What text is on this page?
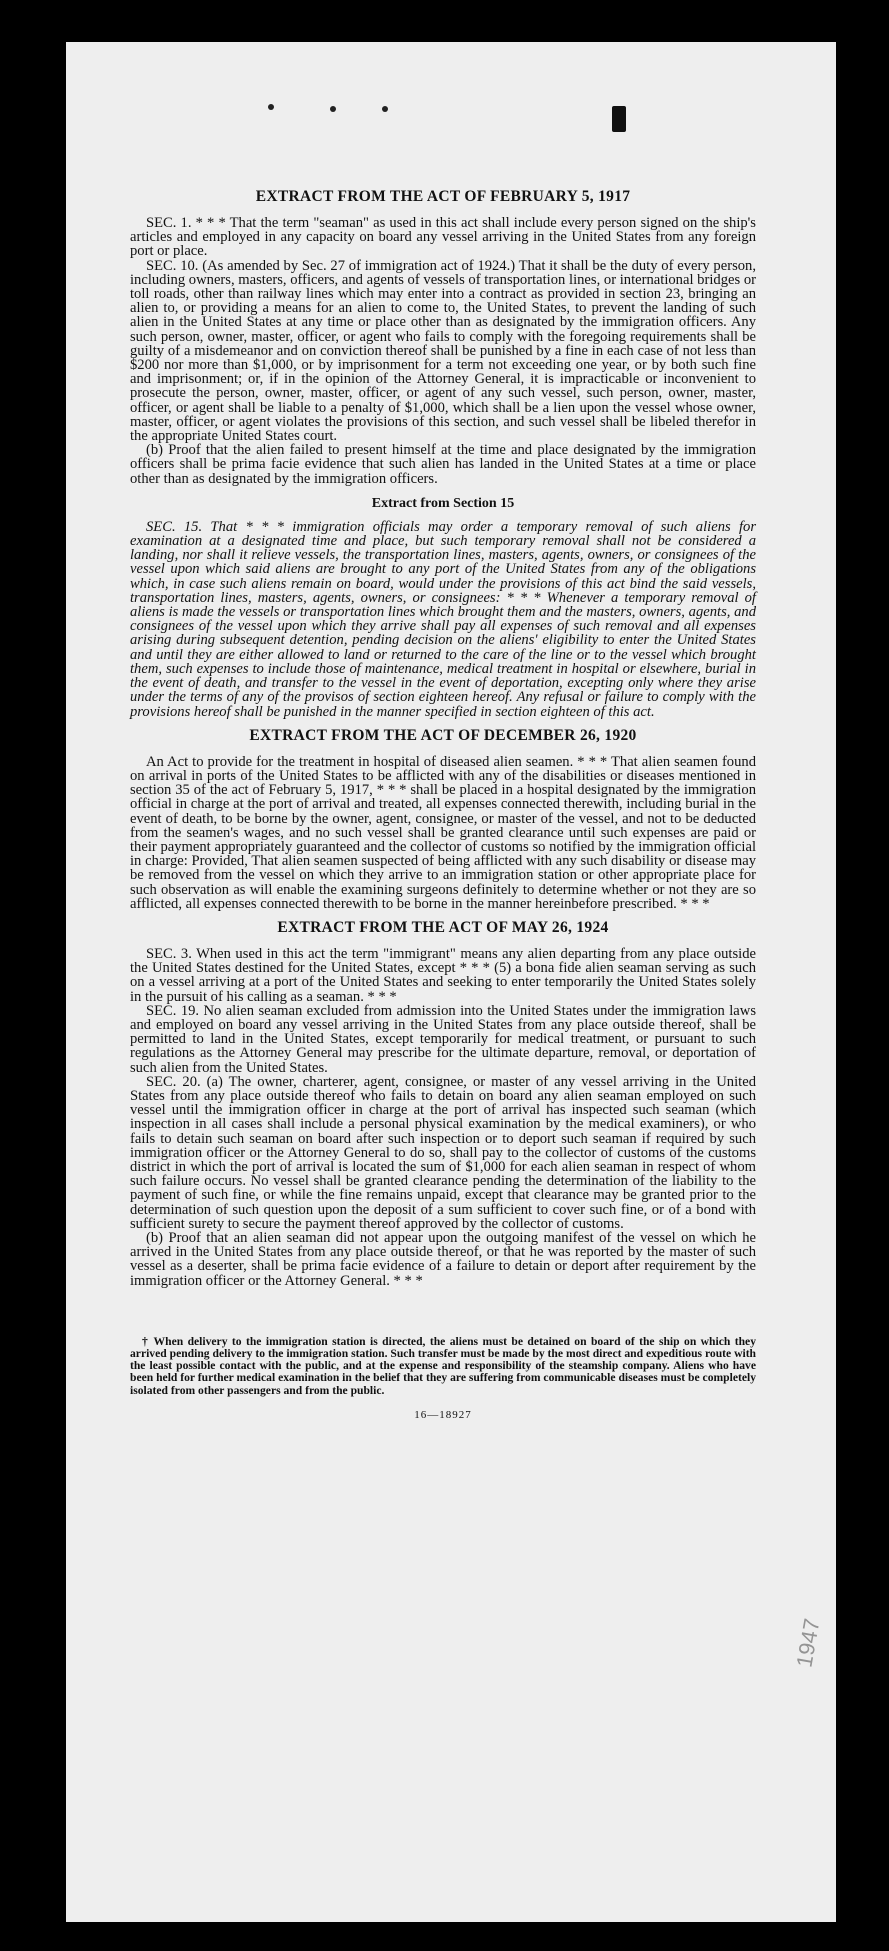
EXTRACT FROM THE ACT OF FEBRUARY 5, 1917

SEC. 1. * * * That the term "seaman" as used in this act shall include every person signed on the ship's articles and employed in any capacity on board any vessel arriving in the United States from any foreign port or place.

SEC. 10. (As amended by Sec. 27 of immigration act of 1924.) That it shall be the duty of every person, including owners, masters, officers, and agents of vessels of transportation lines, or international bridges or toll roads, other than railway lines which may enter into a contract as provided in section 23, bringing an alien to, or providing a means for an alien to come to, the United States, to prevent the landing of such alien in the United States at any time or place other than as designated by the immigration officers. Any such person, owner, master, officer, or agent who fails to comply with the foregoing requirements shall be guilty of a misdemeanor and on conviction thereof shall be punished by a fine in each case of not less than $200 nor more than $1,000, or by imprisonment for a term not exceeding one year, or by both such fine and imprisonment; or, if in the opinion of the Attorney General, it is impracticable or inconvenient to prosecute the person, owner, master, officer, or agent of any such vessel, such person, owner, master, officer, or agent shall be liable to a penalty of $1,000, which shall be a lien upon the vessel whose owner, master, officer, or agent violates the provisions of this section, and such vessel shall be libeled therefor in the appropriate United States court.

(b) Proof that the alien failed to present himself at the time and place designated by the immigration officers shall be prima facie evidence that such alien has landed in the United States at a time or place other than as designated by the immigration officers.

Extract from Section 15

SEC. 15. That * * * immigration officials may order a temporary removal of such aliens for examination at a designated time and place, but such temporary removal shall not be considered a landing, nor shall it relieve vessels, the transportation lines, masters, agents, owners, or consignees of the vessel upon which said aliens are brought to any port of the United States from any of the obligations which, in case such aliens remain on board, would under the provisions of this act bind the said vessels, transportation lines, masters, agents, owners, or consignees: * * * Whenever a temporary removal of aliens is made the vessels or transportation lines which brought them and the masters, owners, agents, and consignees of the vessel upon which they arrive shall pay all expenses of such removal and all expenses arising during subsequent detention, pending decision on the aliens' eligibility to enter the United States and until they are either allowed to land or returned to the care of the line or to the vessel which brought them, such expenses to include those of maintenance, medical treatment in hospital or elsewhere, burial in the event of death, and transfer to the vessel in the event of deportation, excepting only where they arise under the terms of any of the provisos of section eighteen hereof. Any refusal or failure to comply with the provisions hereof shall be punished in the manner specified in section eighteen of this act.

EXTRACT FROM THE ACT OF DECEMBER 26, 1920

An Act to provide for the treatment in hospital of diseased alien seamen. * * * That alien seamen found on arrival in ports of the United States to be afflicted with any of the disabilities or diseases mentioned in section 35 of the act of February 5, 1917, * * * shall be placed in a hospital designated by the immigration official in charge at the port of arrival and treated, all expenses connected therewith, including burial in the event of death, to be borne by the owner, agent, consignee, or master of the vessel, and not to be deducted from the seamen's wages, and no such vessel shall be granted clearance until such expenses are paid or their payment appropriately guaranteed and the collector of customs so notified by the immigration official in charge: Provided, That alien seamen suspected of being afflicted with any such disability or disease may be removed from the vessel on which they arrive to an immigration station or other appropriate place for such observation as will enable the examining surgeons definitely to determine whether or not they are so afflicted, all expenses connected therewith to be borne in the manner hereinbefore prescribed. * * *

EXTRACT FROM THE ACT OF MAY 26, 1924

SEC. 3. When used in this act the term "immigrant" means any alien departing from any place outside the United States destined for the United States, except * * * (5) a bona fide alien seaman serving as such on a vessel arriving at a port of the United States and seeking to enter temporarily the United States solely in the pursuit of his calling as a seaman. * * *

SEC. 19. No alien seaman excluded from admission into the United States under the immigration laws and employed on board any vessel arriving in the United States from any place outside thereof, shall be permitted to land in the United States, except temporarily for medical treatment, or pursuant to such regulations as the Attorney General may prescribe for the ultimate departure, removal, or deportation of such alien from the United States.

SEC. 20. (a) The owner, charterer, agent, consignee, or master of any vessel arriving in the United States from any place outside thereof who fails to detain on board any alien seaman employed on such vessel until the immigration officer in charge at the port of arrival has inspected such seaman (which inspection in all cases shall include a personal physical examination by the medical examiners), or who fails to detain such seaman on board after such inspection or to deport such seaman if required by such immigration officer or the Attorney General to do so, shall pay to the collector of customs of the customs district in which the port of arrival is located the sum of $1,000 for each alien seaman in respect of whom such failure occurs. No vessel shall be granted clearance pending the determination of the liability to the payment of such fine, or while the fine remains unpaid, except that clearance may be granted prior to the determination of such question upon the deposit of a sum sufficient to cover such fine, or of a bond with sufficient surety to secure the payment thereof approved by the collector of customs.

(b) Proof that an alien seaman did not appear upon the outgoing manifest of the vessel on which he arrived in the United States from any place outside thereof, or that he was reported by the master of such vessel as a deserter, shall be prima facie evidence of a failure to detain or deport after requirement by the immigration officer or the Attorney General. * * *

† When delivery to the immigration station is directed, the aliens must be detained on board of the ship on which they arrived pending delivery to the immigration station. Such transfer must be made by the most direct and expeditious route with the least possible contact with the public, and at the expense and responsibility of the steamship company. Aliens who have been held for further medical examination in the belief that they are suffering from communicable diseases must be completely isolated from other passengers and from the public.

16—18927
1947
